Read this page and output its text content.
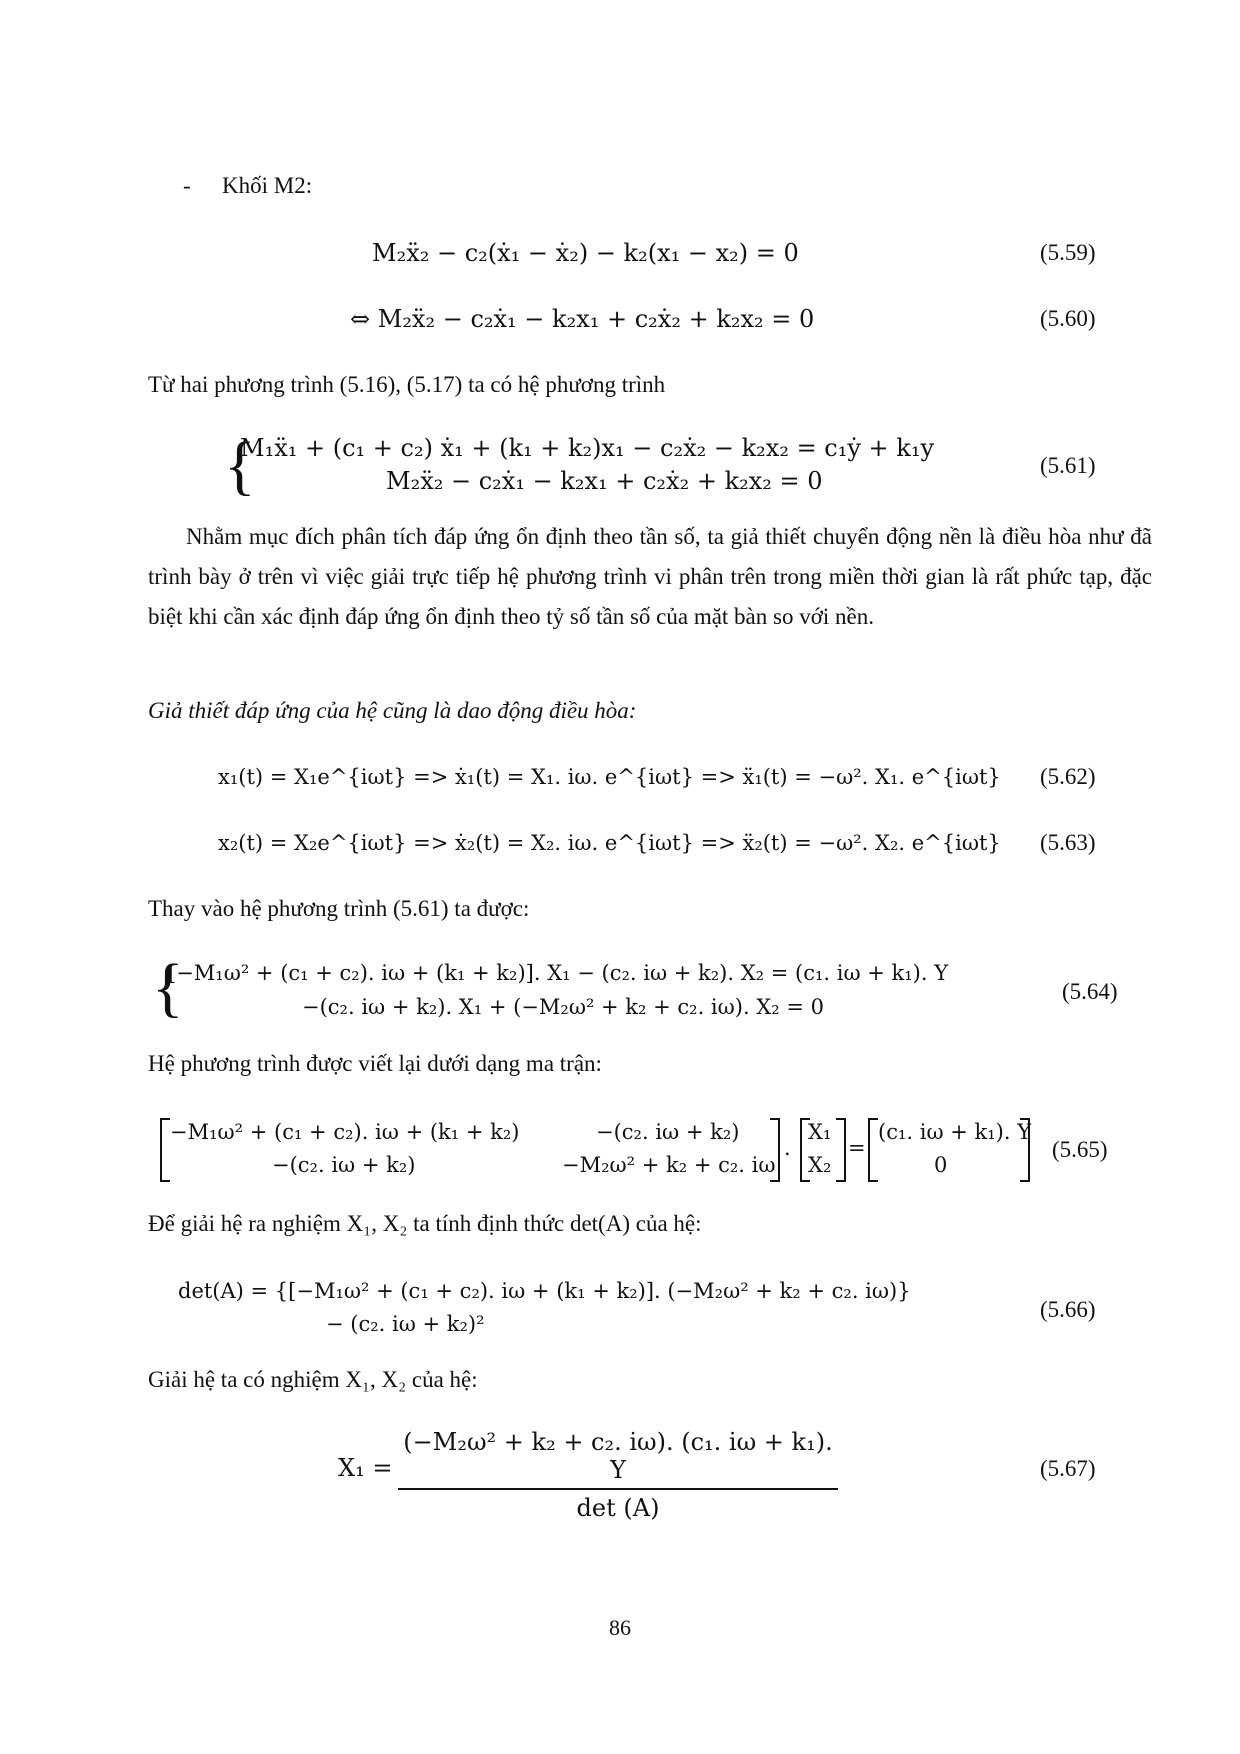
- Khối M2:
M₂ẍ₂ − c₂(ẋ₁ − ẋ₂) − k₂(x₁ − x₂) = 0	(5.59)
⇔ M₂ẍ₂ − c₂ẋ₁ − k₂x₁ + c₂ẋ₂ + k₂x₂ = 0	(5.60)
Từ hai phương trình (5.16), (5.17) ta có hệ phương trình
{
M₁ẍ₁ + (c₁ + c₂) ẋ₁ + (k₁ + k₂)x₁ − c₂ẋ₂ − k₂x₂ = c₁ẏ + k₁y
M₂ẍ₂ − c₂ẋ₁ − k₂x₁ + c₂ẋ₂ + k₂x₂ = 0
(5.61)
Nhằm mục đích phân tích đáp ứng ổn định theo tần số, ta giả thiết chuyển động nền là điều hòa như đã trình bày ở trên vì việc giải trực tiếp hệ phương trình vi phân trên trong miền thời gian là rất phức tạp, đặc biệt khi cần xác định đáp ứng ổn định theo tỷ số tần số của mặt bàn so với nền.
Giả thiết đáp ứng của hệ cũng là dao động điều hòa:
x₁(t) = X₁e^{iωt} => ẋ₁(t) = X₁. iω. e^{iωt} => ẍ₁(t) = −ω². X₁. e^{iωt} (5.62)
x₂(t) = X₂e^{iωt} => ẋ₂(t) = X₂. iω. e^{iωt} => ẍ₂(t) = −ω². X₂. e^{iωt} (5.63)
Thay vào hệ phương trình (5.61) ta được:
{
[−M₁ω² + (c₁ + c₂). iω + (k₁ + k₂)]. X₁ − (c₂. iω + k₂). X₂ = (c₁. iω + k₁). Y
−(c₂. iω + k₂). X₁ + (−M₂ω² + k₂ + c₂. iω). X₂ = 0
(5.64)
Hệ phương trình được viết lại dưới dạng ma trận:
−M₁ω² + (c₁ + c₂). iω + (k₁ + k₂)	−(c₂. iω + k₂)
−(c₂. iω + k₂)	−M₂ω² + k₂ + c₂. iω
.
X₁
X₂
=
(c₁. iω + k₁). Y
0
(5.65)
Để giải hệ ra nghiệm X₁, X₂ ta tính định thức det(A) của hệ:
det(A) = {[−M₁ω² + (c₁ + c₂). iω + (k₁ + k₂)]. (−M₂ω² + k₂ + c₂. iω)}
− (c₂. iω + k₂)²
(5.66)
Giải hệ ta có nghiệm X₁, X₂ của hệ:
X₁ =
(−M₂ω² + k₂ + c₂. iω). (c₁. iω + k₁). Y
det (A)
(5.67)
86
